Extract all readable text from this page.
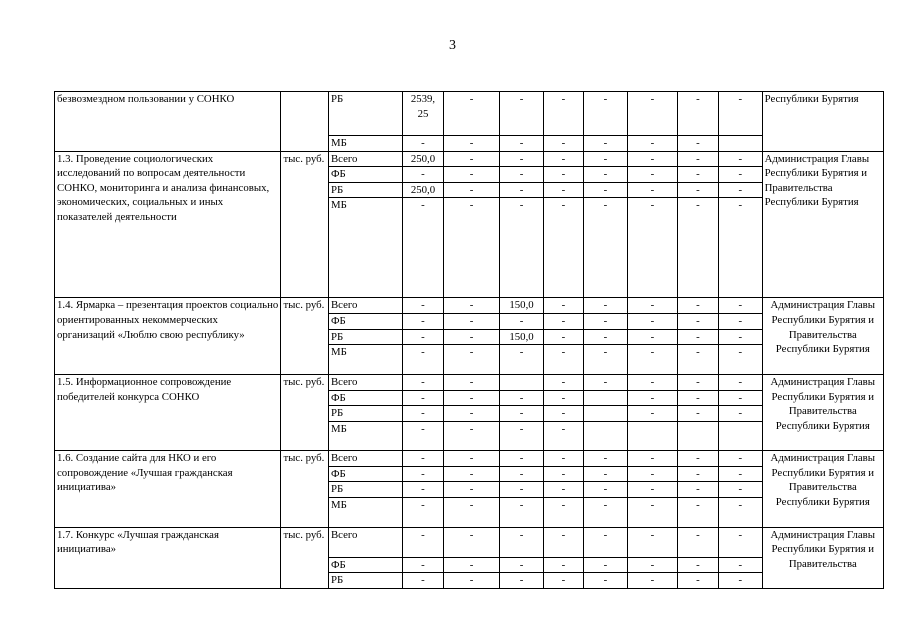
3
безвозмездном пользовании у СОНКО		РБ	2539, 25	-	-	-	-	-	-	-	Республики Бурятия
		МБ	-	-	-	-	-	-	-		
1.3. Проведение социологических исследований по вопросам деятельности СОНКО, мониторинга и анализа финансовых, экономических, социальных и иных показателей деятельности	тыс. руб.	Всего	250,0	-	-	-	-	-	-	-	Администрация Главы Республики Бурятия и Правительства Республики Бурятия
		ФБ	-	-	-	-	-	-	-	-	
		РБ	250,0	-	-	-	-	-	-	-	
		МБ	-	-	-	-	-	-	-	-	
1.4. Ярмарка – презентация проектов социально ориентированных некоммерческих организаций «Люблю свою республику»	тыс. руб.	Всего	-	-	150,0	-	-	-	-	-	Администрация Главы Республики Бурятия и Правительства Республики Бурятия
		ФБ	-	-	-	-	-	-	-	-	
		РБ	-	-	150,0	-	-	-	-	-	
		МБ	-	-	-	-	-	-	-	-	
1.5. Информационное сопровождение победителей конкурса СОНКО	тыс. руб.	Всего	-	-		-	-	-	-	-	Администрация Главы Республики Бурятия и Правительства Республики Бурятия
		ФБ	-	-	-	-		-	-	-	
		РБ	-	-	-	-		-	-	-	
		МБ	-	-	-	-					
1.6. Создание сайта для НКО и его сопровождение «Лучшая гражданская инициатива»	тыс. руб.	Всего	-	-	-	-	-	-	-	-	Администрация Главы Республики Бурятия и Правительства Республики Бурятия
		ФБ	-	-	-	-	-	-	-	-	
		РБ	-	-	-	-	-	-	-	-	
		МБ	-	-	-	-	-	-	-	-	
1.7. Конкурс «Лучшая гражданская инициатива»	тыс. руб.	Всего	-	-	-	-	-	-	-	-	Администрация Главы Республики Бурятия и Правительства
		ФБ	-	-	-	-	-	-	-	-	
		РБ	-	-	-	-	-	-	-	-	
